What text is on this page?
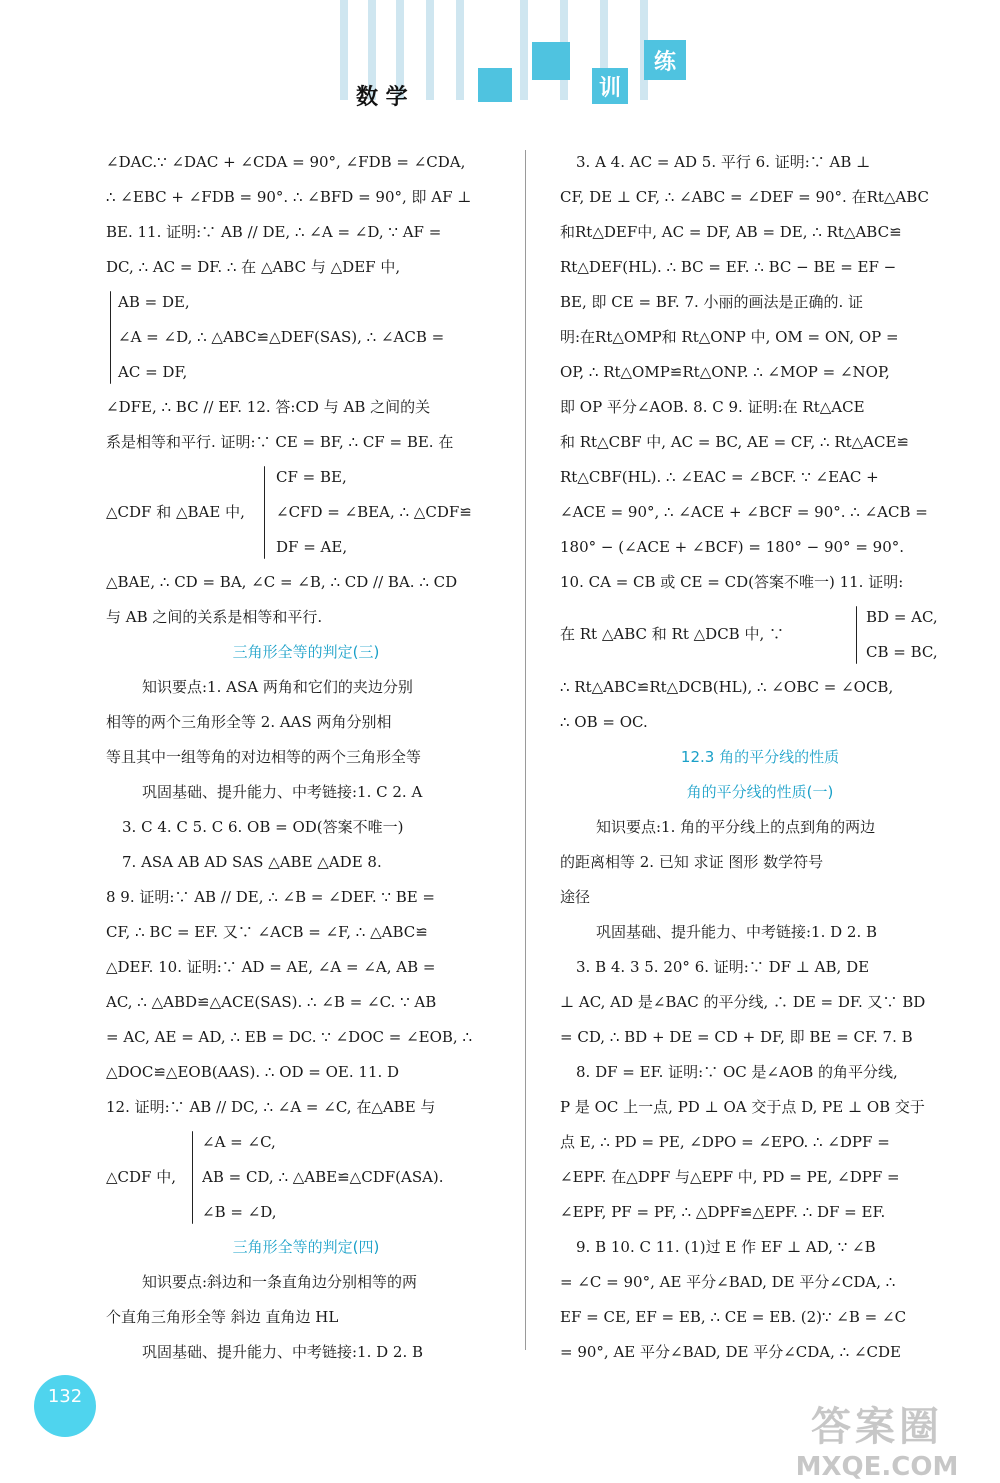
数 学	训
练
∠DAC.∵ ∠DAC + ∠CDA = 90°, ∠FDB = ∠CDA,
∴ ∠EBC + ∠FDB = 90°. ∴ ∠BFD = 90°, 即 AF ⊥
BE. 11. 证明:∵ AB // DE, ∴ ∠A = ∠D, ∵ AF =
DC, ∴ AC = DF. ∴ 在 △ABC 与 △DEF 中,
AB = DE,
∠A = ∠D, ∴ △ABC≌△DEF(SAS), ∴ ∠ACB =
AC = DF,
∠DFE, ∴ BC // EF. 12. 答:CD 与 AB 之间的关
系是相等和平行. 证明:∵ CE = BF, ∴ CF = BE. 在
△CDF 和 △BAE 中,
CF = BE,
∠CFD = ∠BEA, ∴ △CDF≌
DF = AE,
△BAE, ∴ CD = BA, ∠C = ∠B, ∴ CD // BA. ∴ CD
与 AB 之间的关系是相等和平行.
三角形全等的判定(三)
知识要点:1. ASA 两角和它们的夹边分别
相等的两个三角形全等 2. AAS 两角分别相
等且其中一组等角的对边相等的两个三角形全等
巩固基础、提升能力、中考链接:1. C 2. A
3. C 4. C 5. C 6. OB = OD(答案不唯一)
7. ASA AB AD SAS △ABE △ADE 8.
8 9. 证明:∵ AB // DE, ∴ ∠B = ∠DEF. ∵ BE =
CF, ∴ BC = EF. 又∵ ∠ACB = ∠F, ∴ △ABC≌
△DEF. 10. 证明:∵ AD = AE, ∠A = ∠A, AB =
AC, ∴ △ABD≌△ACE(SAS). ∴ ∠B = ∠C. ∵ AB
= AC, AE = AD, ∴ EB = DC. ∵ ∠DOC = ∠EOB, ∴
△DOC≌△EOB(AAS). ∴ OD = OE. 11. D
12. 证明:∵ AB // DC, ∴ ∠A = ∠C, 在△ABE 与
△CDF 中,
∠A = ∠C,
AB = CD, ∴ △ABE≌△CDF(ASA).
∠B = ∠D,
三角形全等的判定(四)
知识要点:斜边和一条直角边分别相等的两
个直角三角形全等 斜边 直角边 HL
巩固基础、提升能力、中考链接:1. D 2. B
3. A 4. AC = AD 5. 平行 6. 证明:∵ AB ⊥
CF, DE ⊥ CF, ∴ ∠ABC = ∠DEF = 90°. 在Rt△ABC
和Rt△DEF中, AC = DF, AB = DE, ∴ Rt△ABC≌
Rt△DEF(HL). ∴ BC = EF. ∴ BC − BE = EF −
BE, 即 CE = BF. 7. 小丽的画法是正确的. 证
明:在Rt△OMP和 Rt△ONP 中, OM = ON, OP =
OP, ∴ Rt△OMP≌Rt△ONP. ∴ ∠MOP = ∠NOP,
即 OP 平分∠AOB. 8. C 9. 证明:在 Rt△ACE
和 Rt△CBF 中, AC = BC, AE = CF, ∴ Rt△ACE≌
Rt△CBF(HL). ∴ ∠EAC = ∠BCF. ∵ ∠EAC +
∠ACE = 90°, ∴ ∠ACE + ∠BCF = 90°. ∴ ∠ACB =
180° − (∠ACE + ∠BCF) = 180° − 90° = 90°.
10. CA = CB 或 CE = CD(答案不唯一) 11. 证明:
在 Rt △ABC 和 Rt △DCB 中, ∵
BD = AC,
CB = BC,
∴ Rt△ABC≌Rt△DCB(HL), ∴ ∠OBC = ∠OCB,
∴ OB = OC.
12.3 角的平分线的性质
角的平分线的性质(一)
知识要点:1. 角的平分线上的点到角的两边
的距离相等 2. 已知 求证 图形 数学符号
途径
巩固基础、提升能力、中考链接:1. D 2. B
3. B 4. 3 5. 20° 6. 证明:∵ DF ⊥ AB, DE
⊥ AC, AD 是∠BAC 的平分线, ∴ DE = DF. 又∵ BD
= CD, ∴ BD + DE = CD + DF, 即 BE = CF. 7. B
8. DF = EF. 证明:∵ OC 是∠AOB 的角平分线,
P 是 OC 上一点, PD ⊥ OA 交于点 D, PE ⊥ OB 交于
点 E, ∴ PD = PE, ∠DPO = ∠EPO. ∴ ∠DPF =
∠EPF. 在△DPF 与△EPF 中, PD = PE, ∠DPF =
∠EPF, PF = PF, ∴ △DPF≌△EPF. ∴ DF = EF.
9. B 10. C 11. (1)过 E 作 EF ⊥ AD, ∵ ∠B
= ∠C = 90°, AE 平分∠BAD, DE 平分∠CDA, ∴
EF = CE, EF = EB, ∴ CE = EB. (2)∵ ∠B = ∠C
= 90°, AE 平分∠BAD, DE 平分∠CDA, ∴ ∠CDE
132
答案圈
MXQE.COM
